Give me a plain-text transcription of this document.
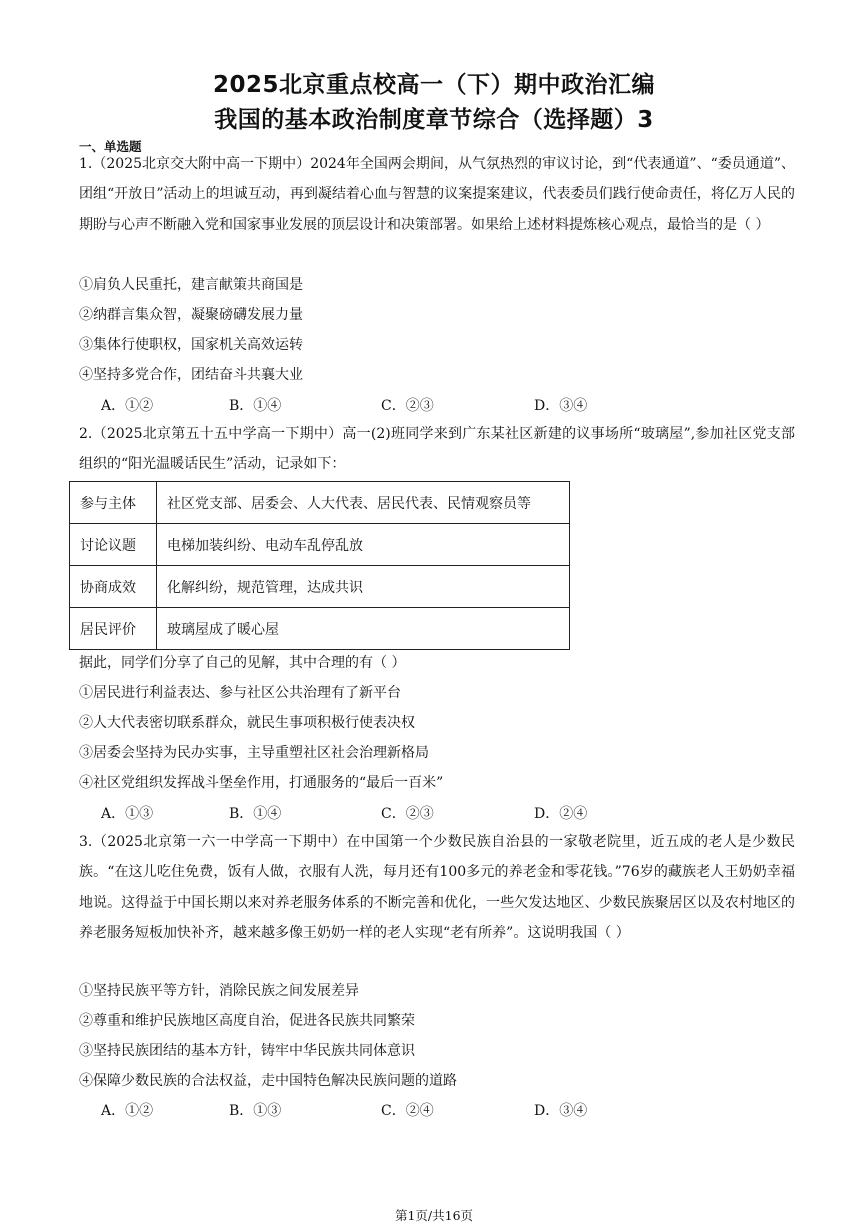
2025北京重点校高一（下）期中政治汇编
我国的基本政治制度章节综合（选择题）3
一、单选题
1.（2025北京交大附中高一下期中）2024年全国两会期间，从气氛热烈的审议讨论，到“代表通道”、“委员通道”、团组“开放日”活动上的坦诚互动，再到凝结着心血与智慧的议案提案建议，代表委员们践行使命责任，将亿万人民的期盼与心声不断融入党和国家事业发展的顶层设计和决策部署。如果给上述材料提炼核心观点，最恰当的是（ ）
①肩负人民重托，建言献策共商国是
②纳群言集众智，凝聚磅礴发展力量
③集体行使职权，国家机关高效运转
④坚持多党合作，团结奋斗共襄大业
A．①②	B．①④	C．②③	D．③④
2.（2025北京第五十五中学高一下期中）高一(2)班同学来到广东某社区新建的议事场所“玻璃屋”,参加社区党支部组织的“阳光温暖话民生”活动，记录如下：
参与主体	社区党支部、居委会、人大代表、居民代表、民情观察员等
讨论议题	电梯加装纠纷、电动车乱停乱放
协商成效	化解纠纷，规范管理，达成共识
居民评价	玻璃屋成了暖心屋
据此，同学们分享了自己的见解，其中合理的有（ ）
①居民进行利益表达、参与社区公共治理有了新平台
②人大代表密切联系群众，就民生事项积极行使表决权
③居委会坚持为民办实事，主导重塑社区社会治理新格局
④社区党组织发挥战斗堡垒作用，打通服务的“最后一百米”
A．①③	B．①④	C．②③	D．②④
3.（2025北京第一六一中学高一下期中）在中国第一个少数民族自治县的一家敬老院里，近五成的老人是少数民族。“在这儿吃住免费，饭有人做，衣服有人洗，每月还有100多元的养老金和零花钱。”76岁的藏族老人王奶奶幸福地说。这得益于中国长期以来对养老服务体系的不断完善和优化，一些欠发达地区、少数民族聚居区以及农村地区的养老服务短板加快补齐，越来越多像王奶奶一样的老人实现“老有所养”。这说明我国（ ）
①坚持民族平等方针，消除民族之间发展差异
②尊重和维护民族地区高度自治，促进各民族共同繁荣
③坚持民族团结的基本方针，铸牢中华民族共同体意识
④保障少数民族的合法权益，走中国特色解决民族问题的道路
A．①②	B．①③	C．②④	D．③④
第1页/共16页
